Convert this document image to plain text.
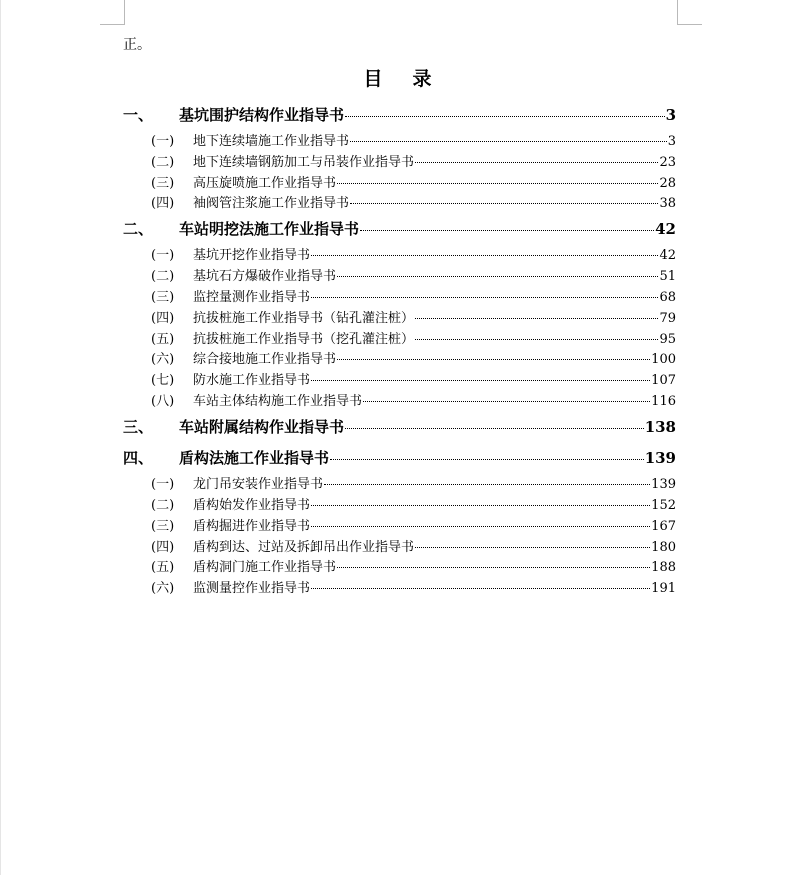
正。
目录
一、	基坑围护结构作业指导书	3
(一)	地下连续墙施工作业指导书	3
(二)	地下连续墙钢筋加工与吊装作业指导书	23
(三)	高压旋喷施工作业指导书	28
(四)	袖阀管注浆施工作业指导书	38
二、	车站明挖法施工作业指导书	42
(一)	基坑开挖作业指导书	42
(二)	基坑石方爆破作业指导书	51
(三)	监控量测作业指导书	68
(四)	抗拔桩施工作业指导书（钻孔灌注桩）	79
(五)	抗拔桩施工作业指导书（挖孔灌注桩）	95
(六)	综合接地施工作业指导书	100
(七)	防水施工作业指导书	107
(八)	车站主体结构施工作业指导书	116
三、	车站附属结构作业指导书	138
四、	盾构法施工作业指导书	139
(一)	龙门吊安装作业指导书	139
(二)	盾构始发作业指导书	152
(三)	盾构掘进作业指导书	167
(四)	盾构到达、过站及拆卸吊出作业指导书	180
(五)	盾构洞门施工作业指导书	188
(六)	监测量控作业指导书	191
